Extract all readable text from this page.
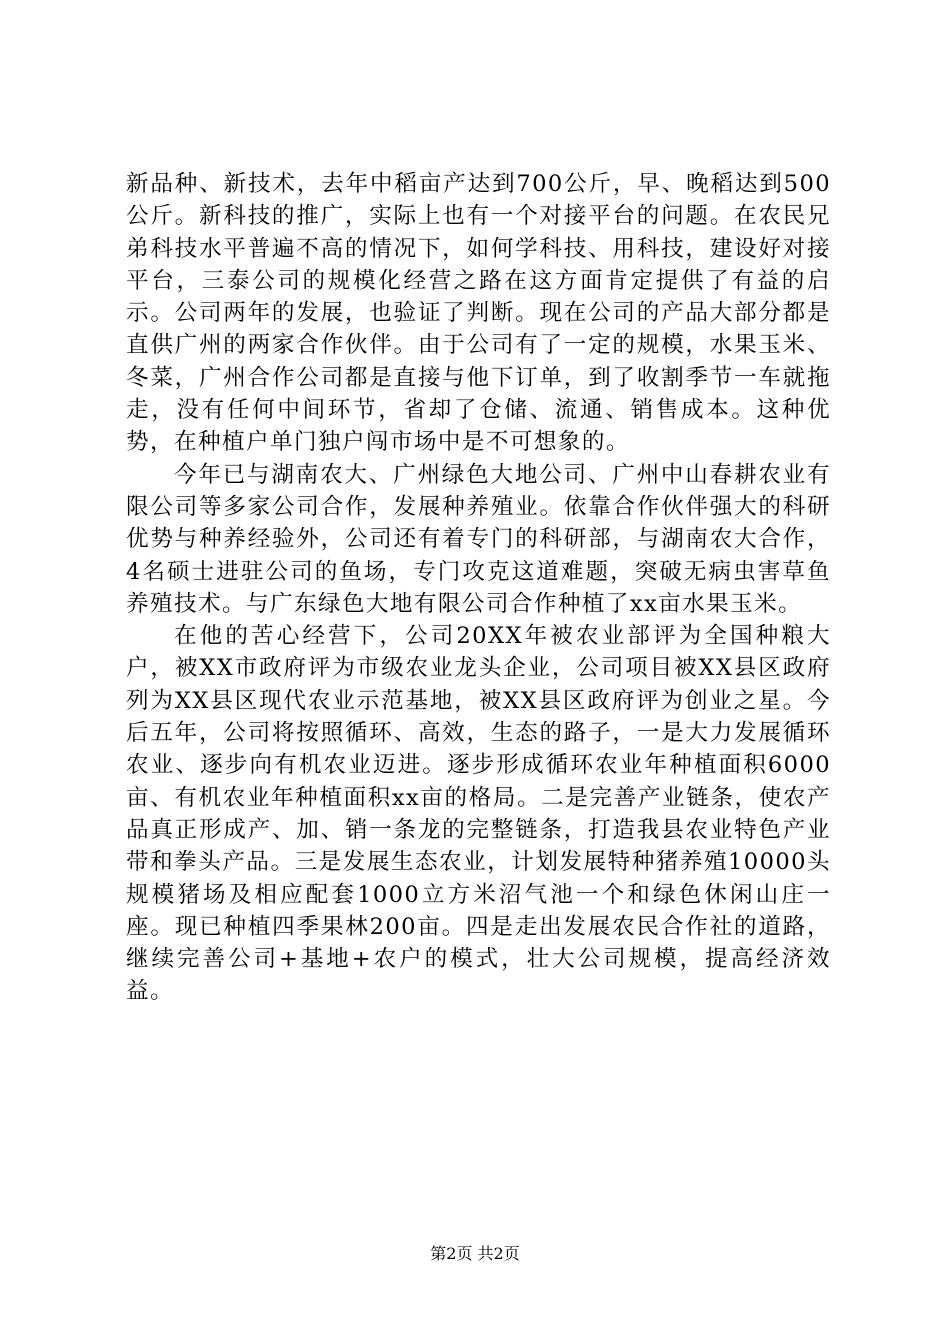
新品种、新技术，去年中稻亩产达到700公斤，早、晚稻达到500公斤。新科技的推广，实际上也有一个对接平台的问题。在农民兄弟科技水平普遍不高的情况下，如何学科技、用科技，建设好对接平台，三泰公司的规模化经营之路在这方面肯定提供了有益的启示。公司两年的发展，也验证了判断。现在公司的产品大部分都是直供广州的两家合作伙伴。由于公司有了一定的规模，水果玉米、冬菜，广州合作公司都是直接与他下订单，到了收割季节一车就拖走，没有任何中间环节，省却了仓储、流通、销售成本。这种优势，在种植户单门独户闯市场中是不可想象的。

今年已与湖南农大、广州绿色大地公司、广州中山春耕农业有限公司等多家公司合作，发展种养殖业。依靠合作伙伴强大的科研优势与种养经验外，公司还有着专门的科研部，与湖南农大合作，4名硕士进驻公司的鱼场，专门攻克这道难题，突破无病虫害草鱼养殖技术。与广东绿色大地有限公司合作种植了xx亩水果玉米。

在他的苦心经营下，公司20XX年被农业部评为全国种粮大户，被XX市政府评为市级农业龙头企业，公司项目被XX县区政府列为XX县区现代农业示范基地，被XX县区政府评为创业之星。今后五年，公司将按照循环、高效，生态的路子，一是大力发展循环农业、逐步向有机农业迈进。逐步形成循环农业年种植面积6000亩、有机农业年种植面积xx亩的格局。二是完善产业链条，使农产品真正形成产、加、销一条龙的完整链条，打造我县农业特色产业带和拳头产品。三是发展生态农业，计划发展特种猪养殖10000头规模猪场及相应配套1000立方米沼气池一个和绿色休闲山庄一座。现已种植四季果林200亩。四是走出发展农民合作社的道路，继续完善公司+基地+农户的模式，壮大公司规模，提高经济效益。

第2页 共2页
